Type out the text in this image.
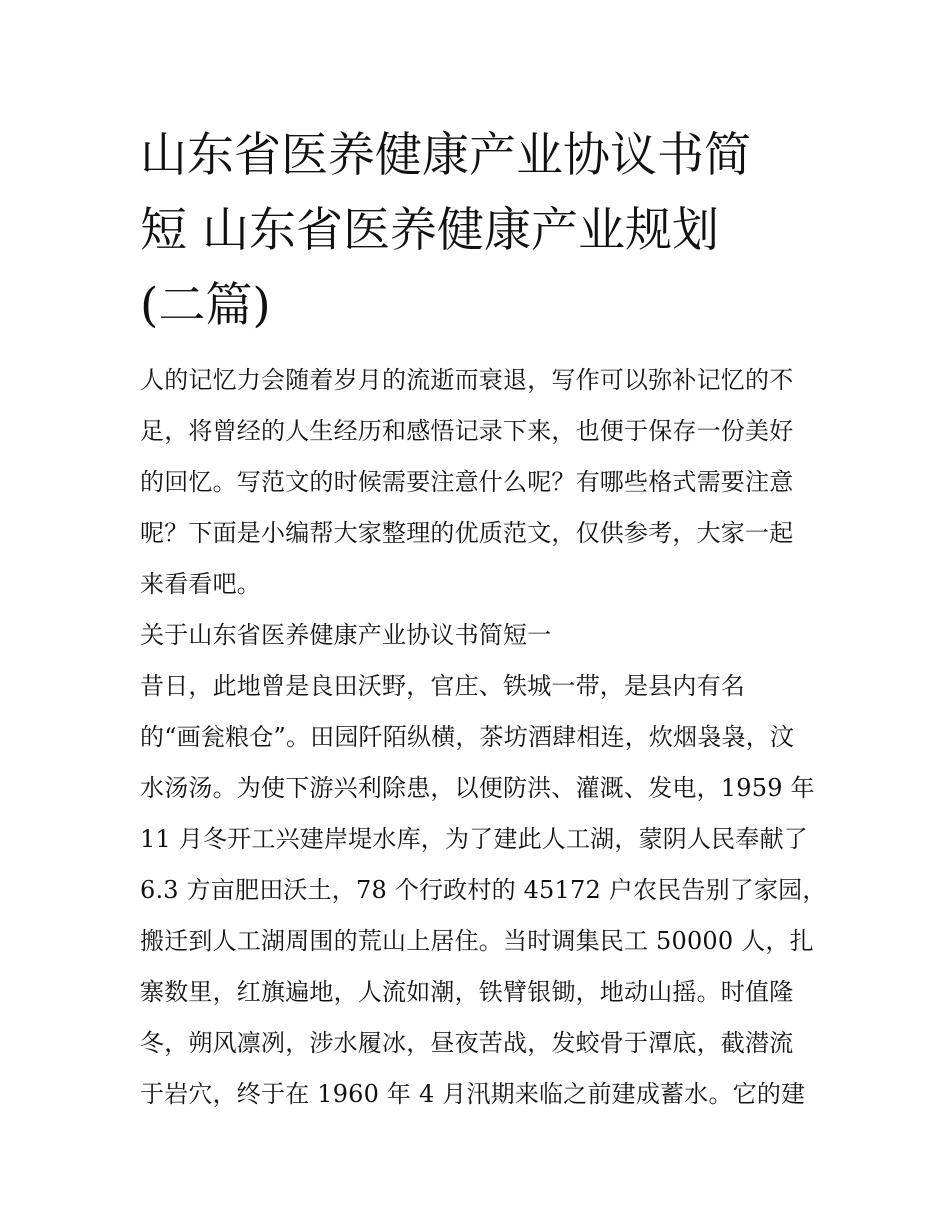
山东省医养健康产业协议书简
短 山东省医养健康产业规划
(二篇)
人的记忆力会随着岁月的流逝而衰退，写作可以弥补记忆的不
足，将曾经的人生经历和感悟记录下来，也便于保存一份美好
的回忆。写范文的时候需要注意什么呢？有哪些格式需要注意
呢？下面是小编帮大家整理的优质范文，仅供参考，大家一起
来看看吧。
关于山东省医养健康产业协议书简短一
昔日，此地曾是良田沃野，官庄、铁城一带，是县内有名
的“画瓮粮仓”。田园阡陌纵横，茶坊酒肆相连，炊烟袅袅，汶
水汤汤。为使下游兴利除患，以便防洪、灌溉、发电，1959 年
11 月冬开工兴建岸堤水库，为了建此人工湖，蒙阴人民奉献了
6.3 方亩肥田沃土，78 个行政村的 45172 户农民告别了家园，
搬迁到人工湖周围的荒山上居住。当时调集民工 50000 人，扎
寨数里，红旗遍地，人流如潮，铁臂银锄，地动山摇。时值隆
冬，朔风凛冽，涉水履冰，昼夜苦战，发蛟骨于潭底，截潜流
于岩穴，终于在 1960 年 4 月汛期来临之前建成蓄水。它的建
